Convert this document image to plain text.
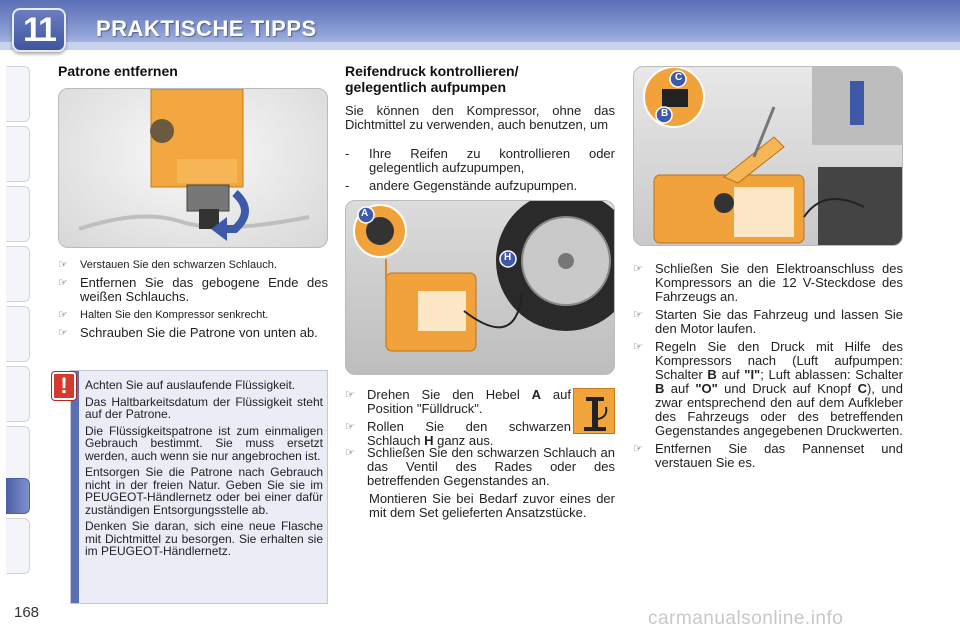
11	PRAKTISCHE TIPPS
168
Patrone entfernen
☞ Verstauen Sie den schwarzen Schlauch.
☞ Entfernen Sie das gebogene Ende des weißen Schlauchs.
☞ Halten Sie den Kompressor senkrecht.
☞ Schrauben Sie die Patrone von unten ab.

Achten Sie auf auslaufende Flüssigkeit.

Das Haltbarkeitsdatum der Flüssigkeit steht auf der Patrone.

Die Flüssigkeitspatrone ist zum einmaligen Gebrauch bestimmt. Sie muss ersetzt werden, auch wenn sie nur angebrochen ist.

Entsorgen Sie die Patrone nach Gebrauch nicht in der freien Natur. Geben Sie sie im PEUGEOT-Händlernetz oder bei einer dafür zuständigen Entsorgungsstelle ab.

Denken Sie daran, sich eine neue Flasche mit Dichtmittel zu besorgen. Sie erhalten sie im PEUGEOT-Händlernetz.

!
Reifendruck kontrollieren/
gelegentlich aufpumpen

Sie können den Kompressor, ohne das Dichtmittel zu verwenden, auch benutzen, um

- Ihre Reifen zu kontrollieren oder gelegentlich aufzupumpen,
- andere Gegenstände aufzupumpen.
A
H
☞ Drehen Sie den Hebel A auf Position "Fülldruck".
☞ Rollen Sie den schwarzen Schlauch H ganz aus.
☞ Schließen Sie den schwarzen Schlauch an das Ventil des Rades oder des betreffenden Gegenstandes an.
Montieren Sie bei Bedarf zuvor eines der mit dem Set gelieferten Ansatzstücke.
B
C
☞ Schließen Sie den Elektroanschluss des Kompressors an die 12 V-Steckdose des Fahrzeugs an.
☞ Starten Sie das Fahrzeug und lassen Sie den Motor laufen.
☞ Regeln Sie den Druck mit Hilfe des Kompressors nach (Luft aufpumpen: Schalter B auf "I"; Luft ablassen: Schalter B auf "O" und Druck auf Knopf C), und zwar entsprechend den auf dem Aufkleber des Fahrzeugs oder des betreffenden Gegenstandes angegebenen Druckwerten.
☞ Entfernen Sie das Pannenset und verstauen Sie es.
carmanualsonline.info
